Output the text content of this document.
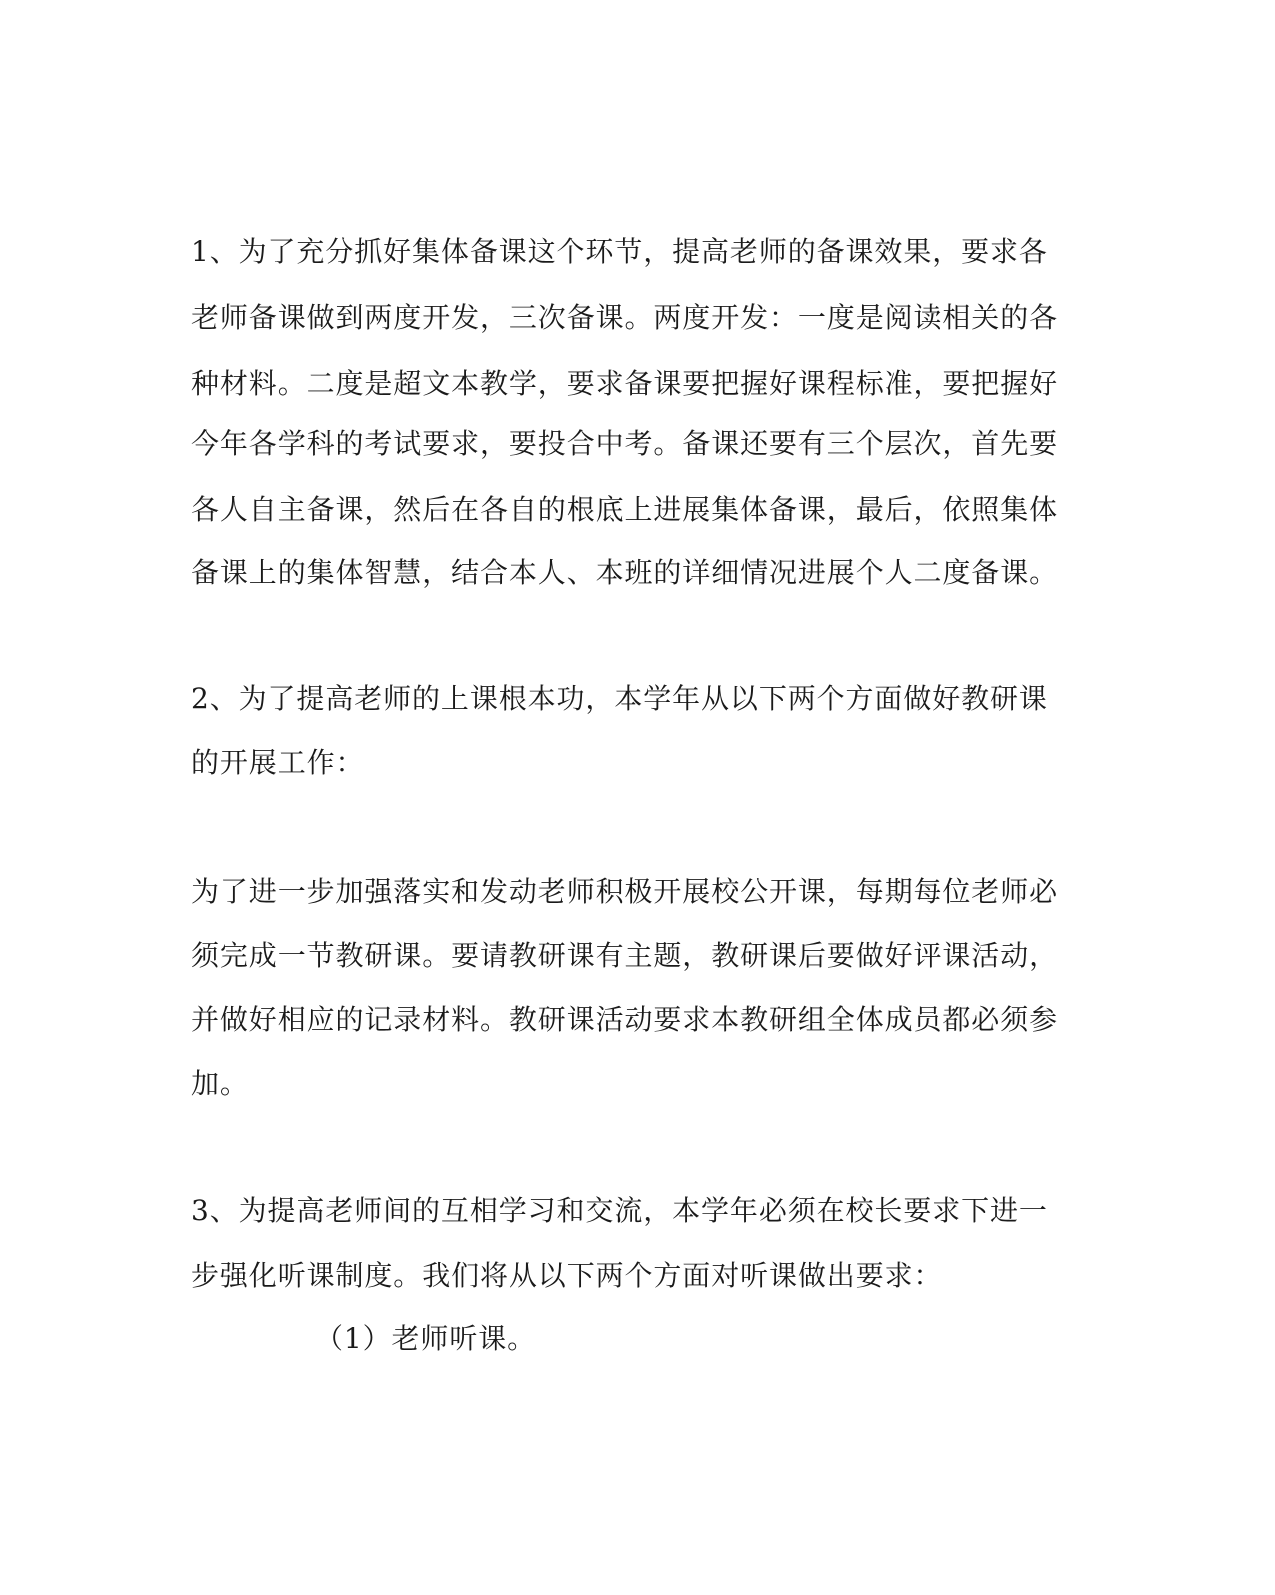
1、为了充分抓好集体备课这个环节，提高老师的备课效果，要求各
老师备课做到两度开发，三次备课。两度开发：一度是阅读相关的各
种材料。二度是超文本教学，要求备课要把握好课程标准，要把握好
今年各学科的考试要求，要投合中考。备课还要有三个层次，首先要
各人自主备课，然后在各自的根底上进展集体备课，最后，依照集体
备课上的集体智慧，结合本人、本班的详细情况进展个人二度备课。
2、为了提高老师的上课根本功，本学年从以下两个方面做好教研课
的开展工作：
为了进一步加强落实和发动老师积极开展校公开课，每期每位老师必
须完成一节教研课。要请教研课有主题，教研课后要做好评课活动，
并做好相应的记录材料。教研课活动要求本教研组全体成员都必须参
加。
3、为提高老师间的互相学习和交流，本学年必须在校长要求下进一
步强化听课制度。我们将从以下两个方面对听课做出要求：
（1）老师听课。
